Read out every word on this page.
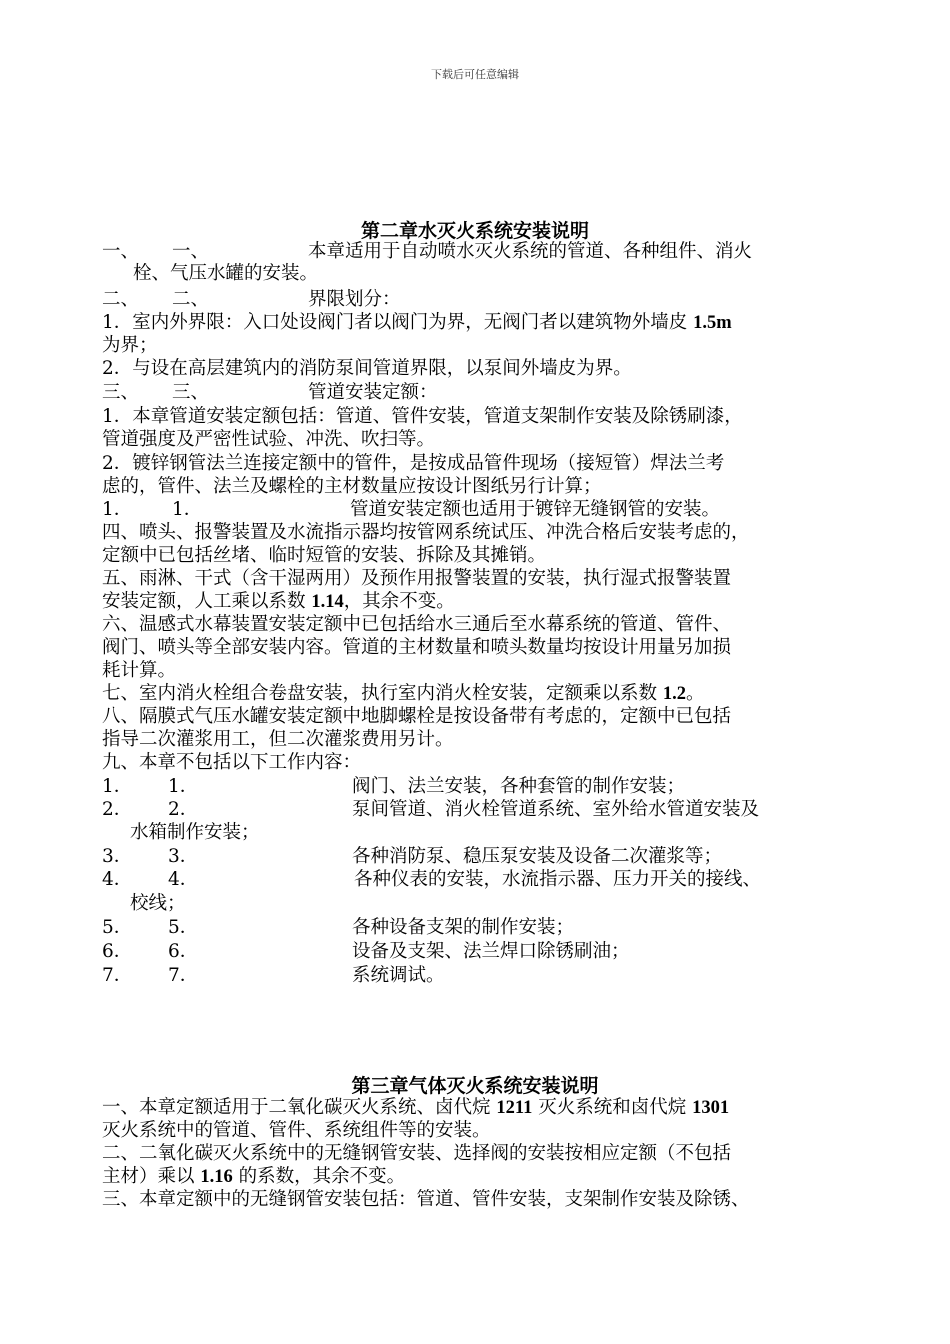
下载后可任意编辑
第二章水灭火系统安装说明
一、 一、	本章适用于自动喷水灭火系统的管道、各种组件、消火
栓、气压水罐的安装。
二、 二、	界限划分：
1．室内外界限：入口处设阀门者以阀门为界，无阀门者以建筑物外墙皮 1.5m
为界；
2．与设在高层建筑内的消防泵间管道界限，以泵间外墙皮为界。
三、 三、	管道安装定额：
1．本章管道安装定额包括：管道、管件安装，管道支架制作安装及除锈刷漆，
管道强度及严密性试验、冲洗、吹扫等。
2．镀锌钢管法兰连接定额中的管件，是按成品管件现场（接短管）焊法兰考
虑的，管件、法兰及螺栓的主材数量应按设计图纸另行计算；
1． 1．	管道安装定额也适用于镀锌无缝钢管的安装。
四、喷头、报警装置及水流指示器均按管网系统试压、冲洗合格后安装考虑的，
定额中已包括丝堵、临时短管的安装、拆除及其摊销。
五、雨淋、干式（含干湿两用）及预作用报警装置的安装，执行湿式报警装置
安装定额，人工乘以系数 1.14，其余不变。
六、温感式水幕装置安装定额中已包括给水三通后至水幕系统的管道、管件、
阀门、喷头等全部安装内容。管道的主材数量和喷头数量均按设计用量另加损
耗计算。
七、室内消火栓组合卷盘安装，执行室内消火栓安装，定额乘以系数 1.2。
八、隔膜式气压水罐安装定额中地脚螺栓是按设备带有考虑的，定额中已包括
指导二次灌浆用工，但二次灌浆费用另计。
九、本章不包括以下工作内容：
1． 1．	阀门、法兰安装，各种套管的制作安装；
2． 2．	泵间管道、消火栓管道系统、室外给水管道安装及
水箱制作安装；
3． 3．	各种消防泵、稳压泵安装及设备二次灌浆等；
4． 4．	各种仪表的安装，水流指示器、压力开关的接线、
校线；
5． 5．	各种设备支架的制作安装；
6． 6．	设备及支架、法兰焊口除锈刷油；
7． 7．	系统调试。
第三章气体灭火系统安装说明
一、本章定额适用于二氧化碳灭火系统、卤代烷 1211 灭火系统和卤代烷 1301
灭火系统中的管道、管件、系统组件等的安装。
二、二氧化碳灭火系统中的无缝钢管安装、选择阀的安装按相应定额（不包括
主材）乘以 1.16 的系数，其余不变。
三、本章定额中的无缝钢管安装包括：管道、管件安装，支架制作安装及除锈、
